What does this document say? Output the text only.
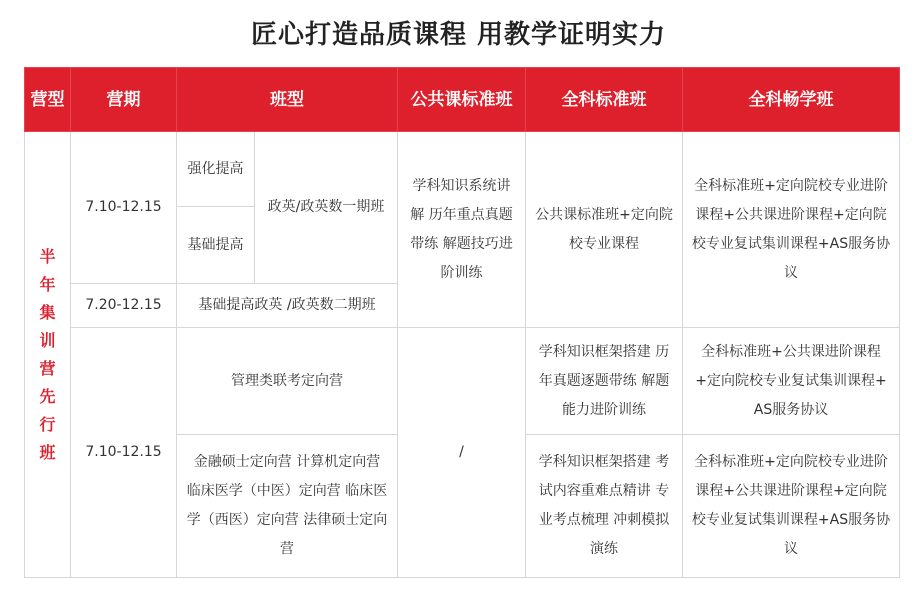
匠心打造品质课程 用教学证明实力
营型	营期	班型		公共课标准班	全科标准班	全科畅学班
半年集训营先行班	7.10-12.15	强化提高	政英/政英数一期班	学科知识系统讲解 历年重点真题带练 解题技巧进阶训练	公共课标准班+定向院校专业课程	全科标准班+定向院校专业进阶课程+公共课进阶课程+定向院校专业复试集训课程+AS服务协议
		基础提高				
	7.20-12.15	基础提高政英 /政英数二期班				
	7.10-12.15	管理类联考定向营		/	学科知识框架搭建 历年真题逐题带练 解题能力进阶训练	全科标准班+公共课进阶课程+定向院校专业复试集训课程+AS服务协议
		金融硕士定向营 计算机定向营 临床医学（中医）定向营 临床医学（西医）定向营 法律硕士定向营			学科知识框架搭建 考试内容重难点精讲 专业考点梳理 冲刺模拟演练	全科标准班+定向院校专业进阶课程+公共课进阶课程+定向院校专业复试集训课程+AS服务协议
